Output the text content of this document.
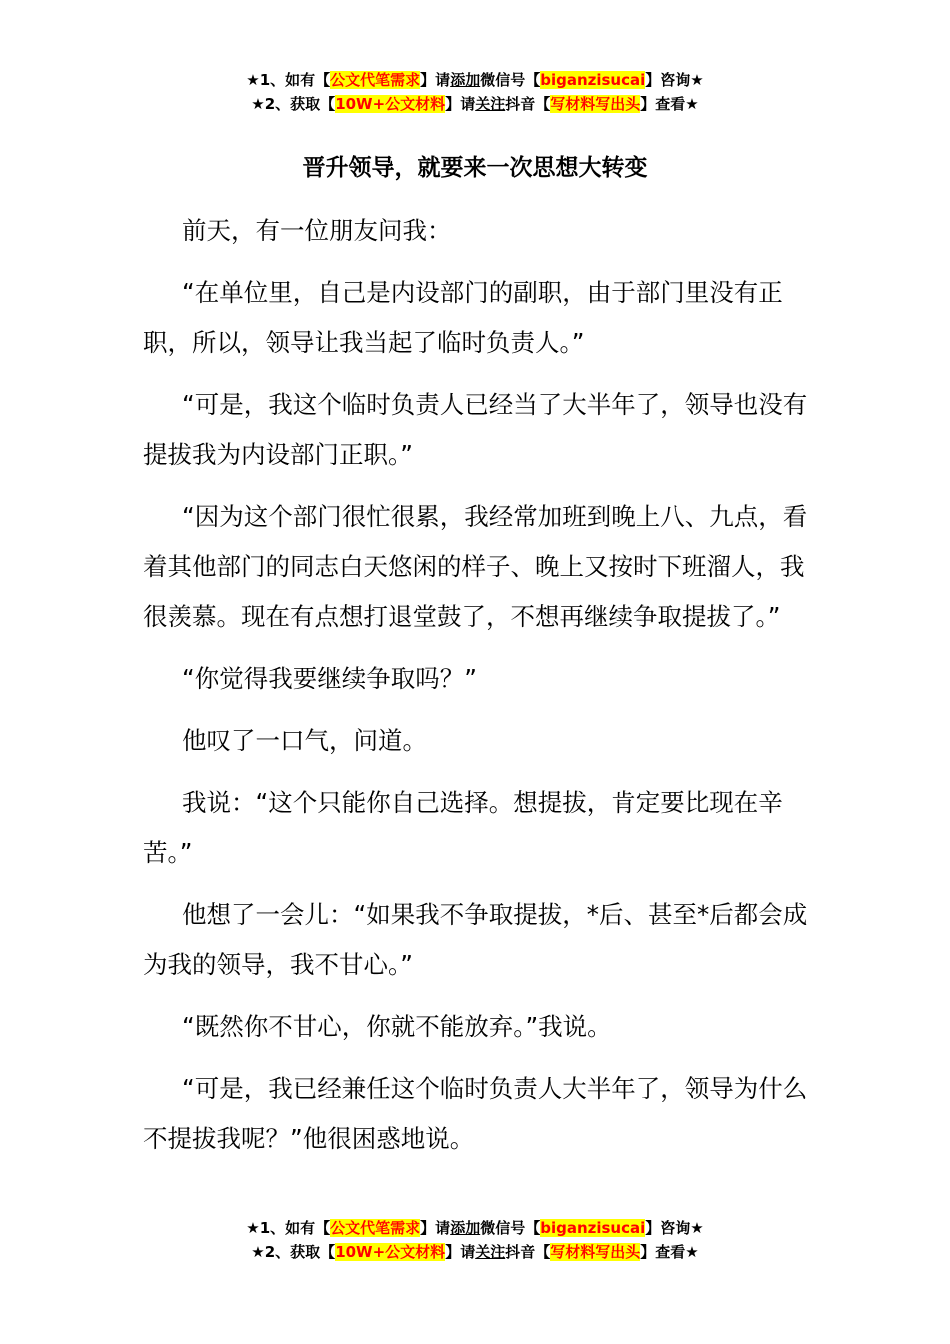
★1、如有【公文代笔需求】请添加微信号【biganzisucai】咨询★
★2、获取【10W+公文材料】请关注抖音【写材料写出头】查看★
晋升领导，就要来一次思想大转变

前天，有一位朋友问我：

“在单位里，自己是内设部门的副职，由于部门里没有正职，所以，领导让我当起了临时负责人。”

“可是，我这个临时负责人已经当了大半年了，领导也没有提拔我为内设部门正职。”

“因为这个部门很忙很累，我经常加班到晚上八、九点，看着其他部门的同志白天悠闲的样子、晚上又按时下班溜人，我很羡慕。现在有点想打退堂鼓了，不想再继续争取提拔了。”

“你觉得我要继续争取吗？”

他叹了一口气，问道。

我说：“这个只能你自己选择。想提拔，肯定要比现在辛苦。”

他想了一会儿：“如果我不争取提拔，*后、甚至*后都会成为我的领导，我不甘心。”

“既然你不甘心，你就不能放弃。”我说。

“可是，我已经兼任这个临时负责人大半年了，领导为什么不提拔我呢？”他很困惑地说。

★1、如有【公文代笔需求】请添加微信号【biganzisucai】咨询★
★2、获取【10W+公文材料】请关注抖音【写材料写出头】查看★
